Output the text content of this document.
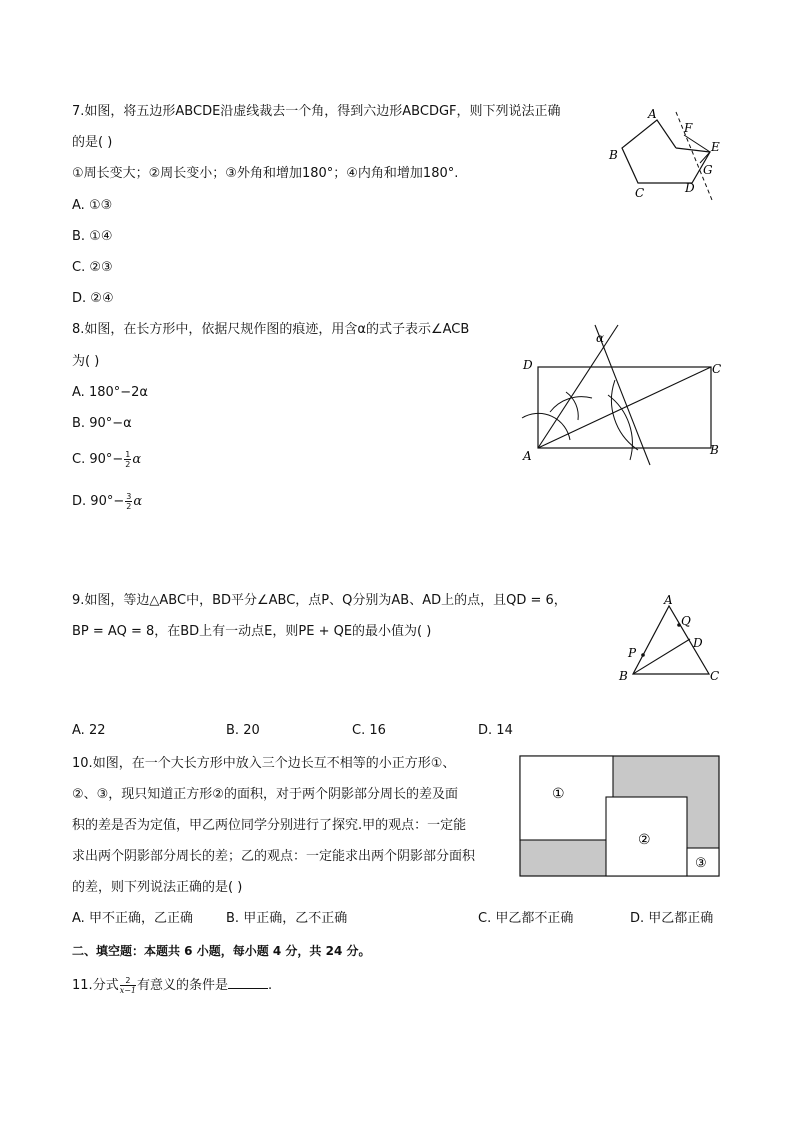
7.如图，将五边形ABCDE沿虚线裁去一个角，得到六边形ABCDGF，则下列说法正确
的是( )
①周长变大；②周长变小；③外角和增加180°；④内角和增加180°.
A. ①③
B. ①④
C. ②③
D. ②④
A
B
C	D
E
F
G
8.如图，在长方形中，依据尺规作图的痕迹，用含α的式子表示∠ACB
为( )
A. 180°−2α
B. 90°−α
C. $90^\circ- \frac{1}{2}$ α
D. $90^\circ- \frac{3}{2}$ α
α
D	C
A	B
9.如图，等边△ABC中，BD平分∠ABC，点P、Q分别为AB、AD上的点，且QD = 6，
BP = AQ = 8，在BD上有一动点E，则PE + QE的最小值为( )
A
Q
D
P
B	C
A. 22	B. 20	C. 16	D. 14
10.如图，在一个大长方形中放入三个边长互不相等的小正方形①、
②、③，现只知道正方形②的面积，对于两个阴影部分周长的差及面
积的差是否为定值，甲乙两位同学分别进行了探究.甲的观点：一定能
求出两个阴影部分周长的差；乙的观点：一定能求出两个阴影部分面积
的差，则下列说法正确的是( )
①
②
③
A. 甲不正确，乙正确	B. 甲正确，乙不正确	C. 甲乙都不正确	D. 甲乙都正确
二、填空题：本题共 6 小题，每小题 4 分，共 24 分。
11.分式 $\frac{2}{x-1}$ 有意义的条件是	.
